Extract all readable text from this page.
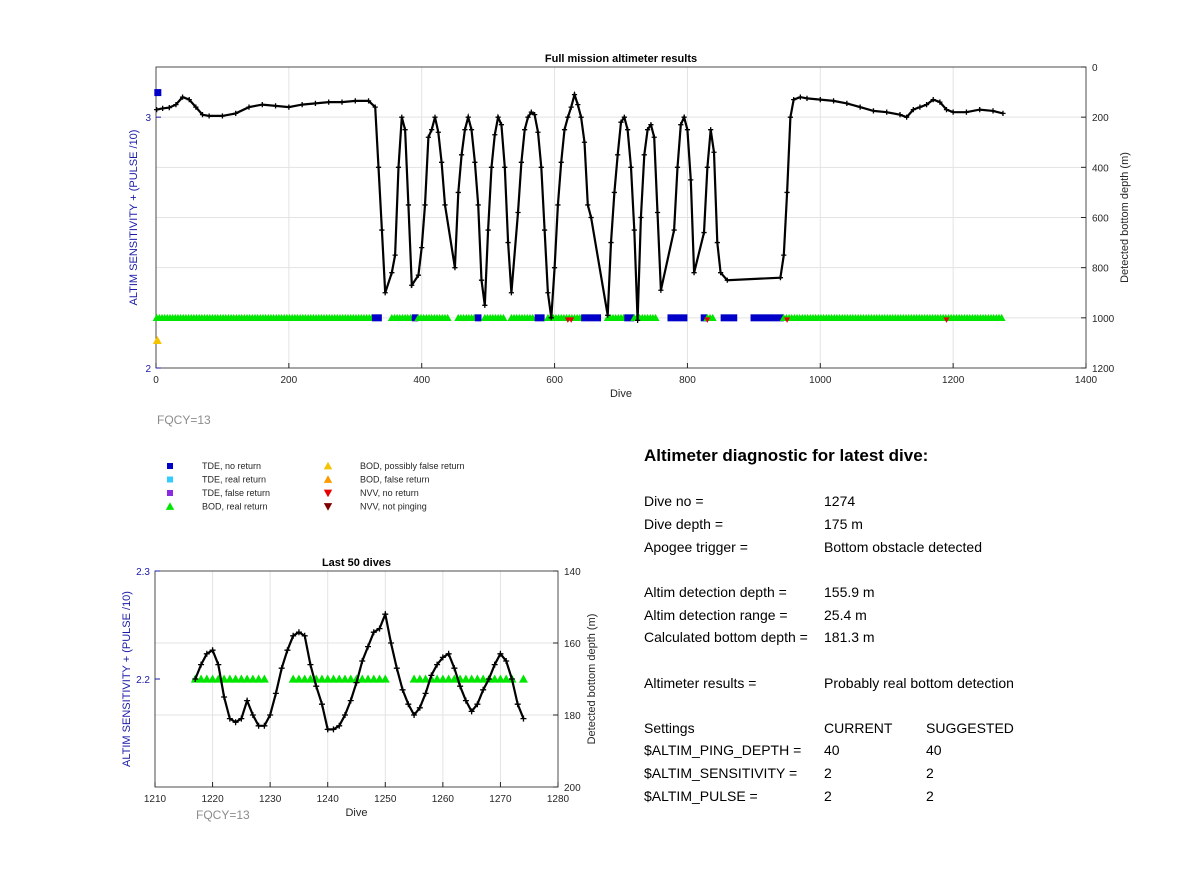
0	200	400	600	800	1000	1200	1400
2
3
0
200
400
600
800
1000
1200
Full mission altimeter results
Dive
ALTIM SENSITIVITY + (PULSE /10)	Detected bottom depth (m)
FQCY=13
TDE, no return
TDE, real return
TDE, false return
BOD, real return
BOD, possibly false return
BOD, false return
NVV, no return
NVV, not pinging
1210	1220	1230	1240	1250	1260	1270	1280
2.2
2.3	140
160
180
200
Last 50 dives
Dive
ALTIM SENSITIVITY + (PULSE /10)	Detected bottom depth (m)
FQCY=13
Altimeter diagnostic for latest dive:
Dive no =	1274
Dive depth =	175 m
Apogee trigger =	Bottom obstacle detected
Altim detection depth =	155.9 m
Altim detection range =	25.4 m
Calculated bottom depth = 181.3 m
Altimeter results =	Probably real bottom detection
Settings	CURRENT SUGGESTED
$ALTIM_PING_DEPTH = 40	40
$ALTIM_SENSITIVITY = 2	2
$ALTIM_PULSE =	2	2
